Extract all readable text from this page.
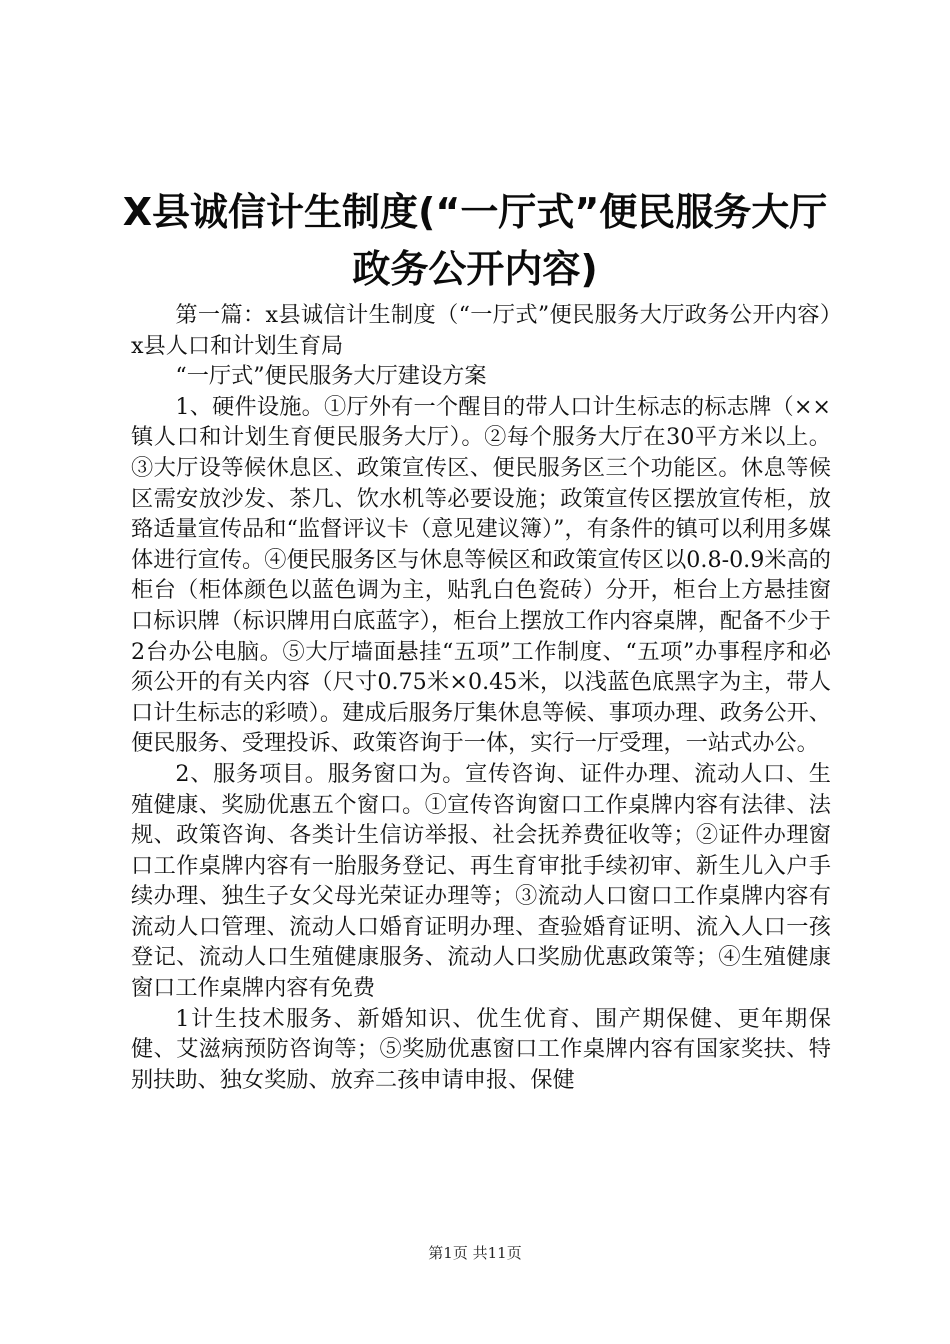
X县诚信计生制度(“一厅式”便民服务大厅
政务公开内容)

第一篇：x县诚信计生制度（“一厅式”便民服务大厅政务公开内容）x县人口和计划生育局

“一厅式”便民服务大厅建设方案

1、硬件设施。①厅外有一个醒目的带人口计生标志的标志牌（××镇人口和计划生育便民服务大厅）。②每个服务大厅在30平方米以上。③大厅设等候休息区、政策宣传区、便民服务区三个功能区。休息等候区需安放沙发、茶几、饮水机等必要设施；政策宣传区摆放宣传柜，放臵适量宣传品和“监督评议卡（意见建议簿）”，有条件的镇可以利用多媒体进行宣传。④便民服务区与休息等候区和政策宣传区以0.8-0.9米高的柜台（柜体颜色以蓝色调为主，贴乳白色瓷砖）分开，柜台上方悬挂窗口标识牌（标识牌用白底蓝字），柜台上摆放工作内容桌牌，配备不少于2台办公电脑。⑤大厅墙面悬挂“五项”工作制度、“五项”办事程序和必须公开的有关内容（尺寸0.75米×0.45米，以浅蓝色底黑字为主，带人口计生标志的彩喷）。建成后服务厅集休息等候、事项办理、政务公开、便民服务、受理投诉、政策咨询于一体，实行一厅受理，一站式办公。

2、服务项目。服务窗口为。宣传咨询、证件办理、流动人口、生殖健康、奖励优惠五个窗口。①宣传咨询窗口工作桌牌内容有法律、法规、政策咨询、各类计生信访举报、社会抚养费征收等；②证件办理窗口工作桌牌内容有一胎服务登记、再生育审批手续初审、新生儿入户手续办理、独生子女父母光荣证办理等；③流动人口窗口工作桌牌内容有流动人口管理、流动人口婚育证明办理、查验婚育证明、流入人口一孩登记、流动人口生殖健康服务、流动人口奖励优惠政策等；④生殖健康窗口工作桌牌内容有免费

1计生技术服务、新婚知识、优生优育、围产期保健、更年期保健、艾滋病预防咨询等；⑤奖励优惠窗口工作桌牌内容有国家奖扶、特别扶助、独女奖励、放弃二孩申请申报、保健

第1页 共11页
